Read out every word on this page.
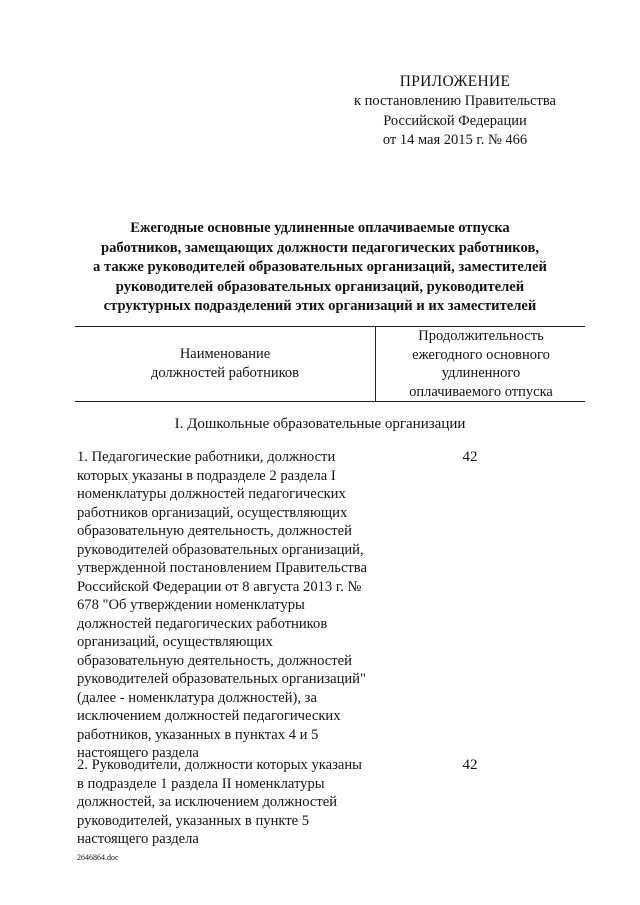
ПРИЛОЖЕНИЕ
к постановлению Правительства
Российской Федерации
от 14 мая 2015 г. № 466
Ежегодные основные удлиненные оплачиваемые отпуска
работников, замещающих должности педагогических работников,
а также руководителей образовательных организаций, заместителей
руководителей образовательных организаций, руководителей
структурных подразделений этих организаций и их заместителей
Наименование
должностей работников
Продолжительность
ежегодного основного
удлиненного
оплачиваемого отпуска
I. Дошкольные образовательные организации
1. Педагогические работники, должности
которых указаны в подразделе 2 раздела I
номенклатуры должностей педагогических
работников организаций, осуществляющих
образовательную деятельность, должностей
руководителей образовательных организаций,
утвержденной постановлением Правительства
Российской Федерации от 8 августа 2013 г. №
678 "Об утверждении номенклатуры
должностей педагогических работников
организаций, осуществляющих
образовательную деятельность, должностей
руководителей образовательных организаций"
(далее - номенклатура должностей), за
исключением должностей педагогических
работников, указанных в пунктах 4 и 5
настоящего раздела
42
2. Руководители, должности которых указаны
в подразделе 1 раздела II номенклатуры
должностей, за исключением должностей
руководителей, указанных в пункте 5
настоящего раздела
42
2646864.doc
